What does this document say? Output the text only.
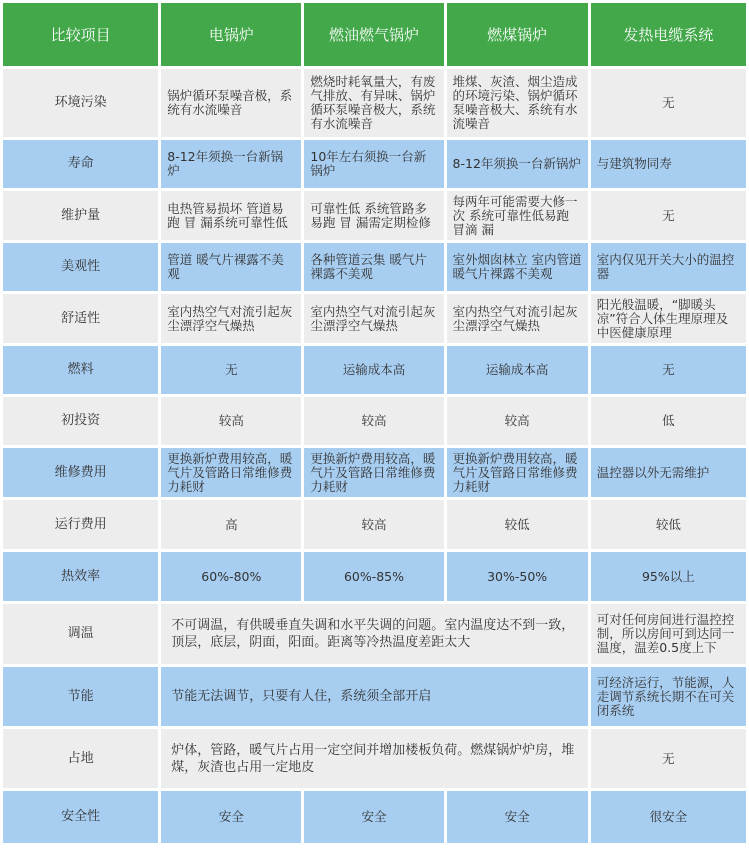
比较项目	电锅炉	燃油燃气锅炉	燃煤锅炉	发热电缆系统
环境污染	锅炉循环泵噪音极，系统有水流噪音	燃烧时耗氧量大，有废气排放、有异味、锅炉循环泵噪音极大，系统有水流噪音	堆煤、灰渣、烟尘造成的环境污染、锅炉循环泵噪音极大、系统有水流噪音	无
寿命	8-12年须换一台新锅炉	10年左右须换一台新锅炉	8-12年须换一台新锅炉	与建筑物同寿
维护量	电热管易损坏 管道易跑 冒 漏系统可靠性低	可靠性低 系统管路多易跑 冒 漏需定期检修	每两年可能需要大修一次 系统可靠性低易跑 冒滴 漏	无
美观性	管道 暖气片裸露不美观	各种管道云集 暖气片裸露不美观	室外烟囱林立 室内管道 暖气片裸露不美观	室内仅见开关大小的温控器
舒适性	室内热空气对流引起灰尘漂浮空气燥热	室内热空气对流引起灰尘漂浮空气燥热	室内热空气对流引起灰尘漂浮空气燥热	阳光般温暖，“脚暖头凉”符合人体生理原理及中医健康原理
燃料	无	运输成本高	运输成本高	无
初投资	较高	较高	较高	低
维修费用	更换新炉费用较高，暖气片及管路日常维修费力耗财	更换新炉费用较高，暖气片及管路日常维修费力耗财	更换新炉费用较高，暖气片及管路日常维修费力耗财	温控器以外无需维护
运行费用	高	较高	较低	较低
热效率	60%-80%	60%-85%	30%-50%	95%以上
调温	不可调温，有供暖垂直失调和水平失调的问题。室内温度达不到一致，顶层，底层，阴面，阳面。距离等冷热温度差距太大			可对任何房间进行温控控制，所以房间可到达同一温度，温差0.5度上下
节能	节能无法调节，只要有人住，系统须全部开启			可经济运行，节能源，人走调节系统长期不在可关闭系统
占地	炉体，管路，暖气片占用一定空间并增加楼板负荷。燃煤锅炉炉房，堆煤，灰渣也占用一定地皮			无
安全性	安全	安全	安全	很安全
